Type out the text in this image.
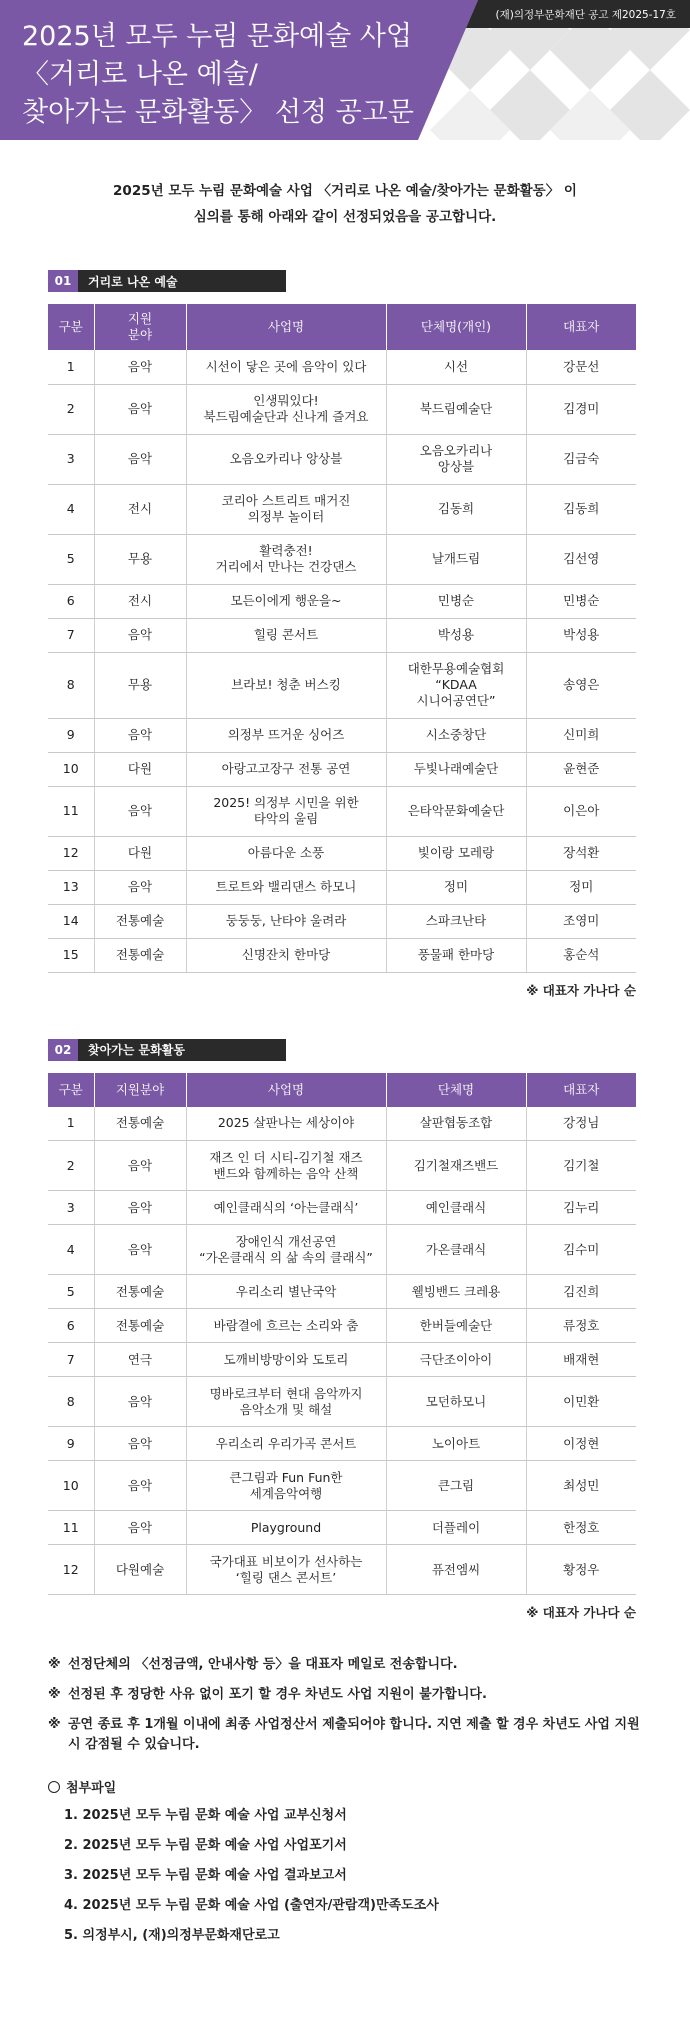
(재)의정부문화재단 공고 제2025-17호
2025년 모두 누림 문화예술 사업
〈거리로 나온 예술/
찾아가는 문화활동〉 선정 공고문
2025년 모두 누림 문화예술 사업 〈거리로 나온 예술/찾아가는 문화활동〉 이
심의를 통해 아래와 같이 선정되었음을 공고합니다.
01	거리로 나온 예술
구분	지원
분야	사업명	단체명(개인)	대표자
1	음악	시선이 닿은 곳에 음악이 있다	시선	강문선
2	음악	인생뭐있다!
북드림예술단과 신나게 즐겨요	북드림예술단	김경미
3	음악	오음오카리나 앙상블	오음오카리나
앙상블	김금숙
4	전시	코리아 스트리트 매거진
의정부 놀이터	김동희	김동희
5	무용	활력충전!
거리에서 만나는 건강댄스	날개드림	김선영
6	전시	모든이에게 행운을~	민병순	민병순
7	음악	힐링 콘서트	박성용	박성용
8	무용	브라보! 청춘 버스킹	대한무용예술협회
“KDAA
시니어공연단”	송영은
9	음악	의정부 뜨거운 싱어즈	시소중창단	신미희
10	다원	아랑고고장구 전통 공연	두빛나래예술단	윤현준
11	음악	2025! 의정부 시민을 위한
타악의 울림	은타악문화예술단	이은아
12	다원	아름다운 소풍	빛이랑 모레랑	장석환
13	음악	트로트와 밸리댄스 하모니	정미	정미
14	전통예술	둥둥둥, 난타야 울려라	스파크난타	조영미
15	전통예술	신명잔치 한마당	풍물패 한마당	홍순석
※ 대표자 가나다 순
02	찾아가는 문화활동
구분	지원분야	사업명	단체명	대표자
1	전통예술	2025 살판나는 세상이야	살판협동조합	강정님
2	음악	재즈 인 더 시티-김기철 재즈
밴드와 함께하는 음악 산책	김기철재즈밴드	김기철
3	음악	예인클래식의 ‘아는클래식’	예인클래식	김누리
4	음악	장애인식 개선공연
“가온클래식 의 삶 속의 클래식”	가온클래식	김수미
5	전통예술	우리소리 별난국악	웰빙밴드 크레용	김진희
6	전통예술	바람결에 흐르는 소리와 춤	한버들예술단	류정호
7	연극	도깨비방망이와 도토리	극단조이아이	배재현
8	음악	명바로크부터 현대 음악까지
음악소개 및 해설	모던하모니	이민환
9	음악	우리소리 우리가곡 콘서트	노이아트	이정현
10	음악	큰그림과 Fun Fun한
세계음악여행	큰그림	최성민
11	음악	Playground	더플레이	한정호
12	다원예술	국가대표 비보이가 선사하는
‘힐링 댄스 콘서트’	퓨전엠씨	황정우
※ 대표자 가나다 순
※ 선정단체의 〈선정금액, 안내사항 등〉을 대표자 메일로 전송합니다.
※ 선정된 후 정당한 사유 없이 포기 할 경우 차년도 사업 지원이 불가합니다.
※ 공연 종료 후 1개월 이내에 최종 사업정산서 제출되어야 합니다. 지연 제출 할 경우 차년도 사업 지원 시 감점될 수 있습니다.
첨부파일
1. 2025년 모두 누림 문화 예술 사업 교부신청서
2. 2025년 모두 누림 문화 예술 사업 사업포기서
3. 2025년 모두 누림 문화 예술 사업 결과보고서
4. 2025년 모두 누림 문화 예술 사업 (출연자/관람객)만족도조사
5. 의정부시, (재)의정부문화재단로고
